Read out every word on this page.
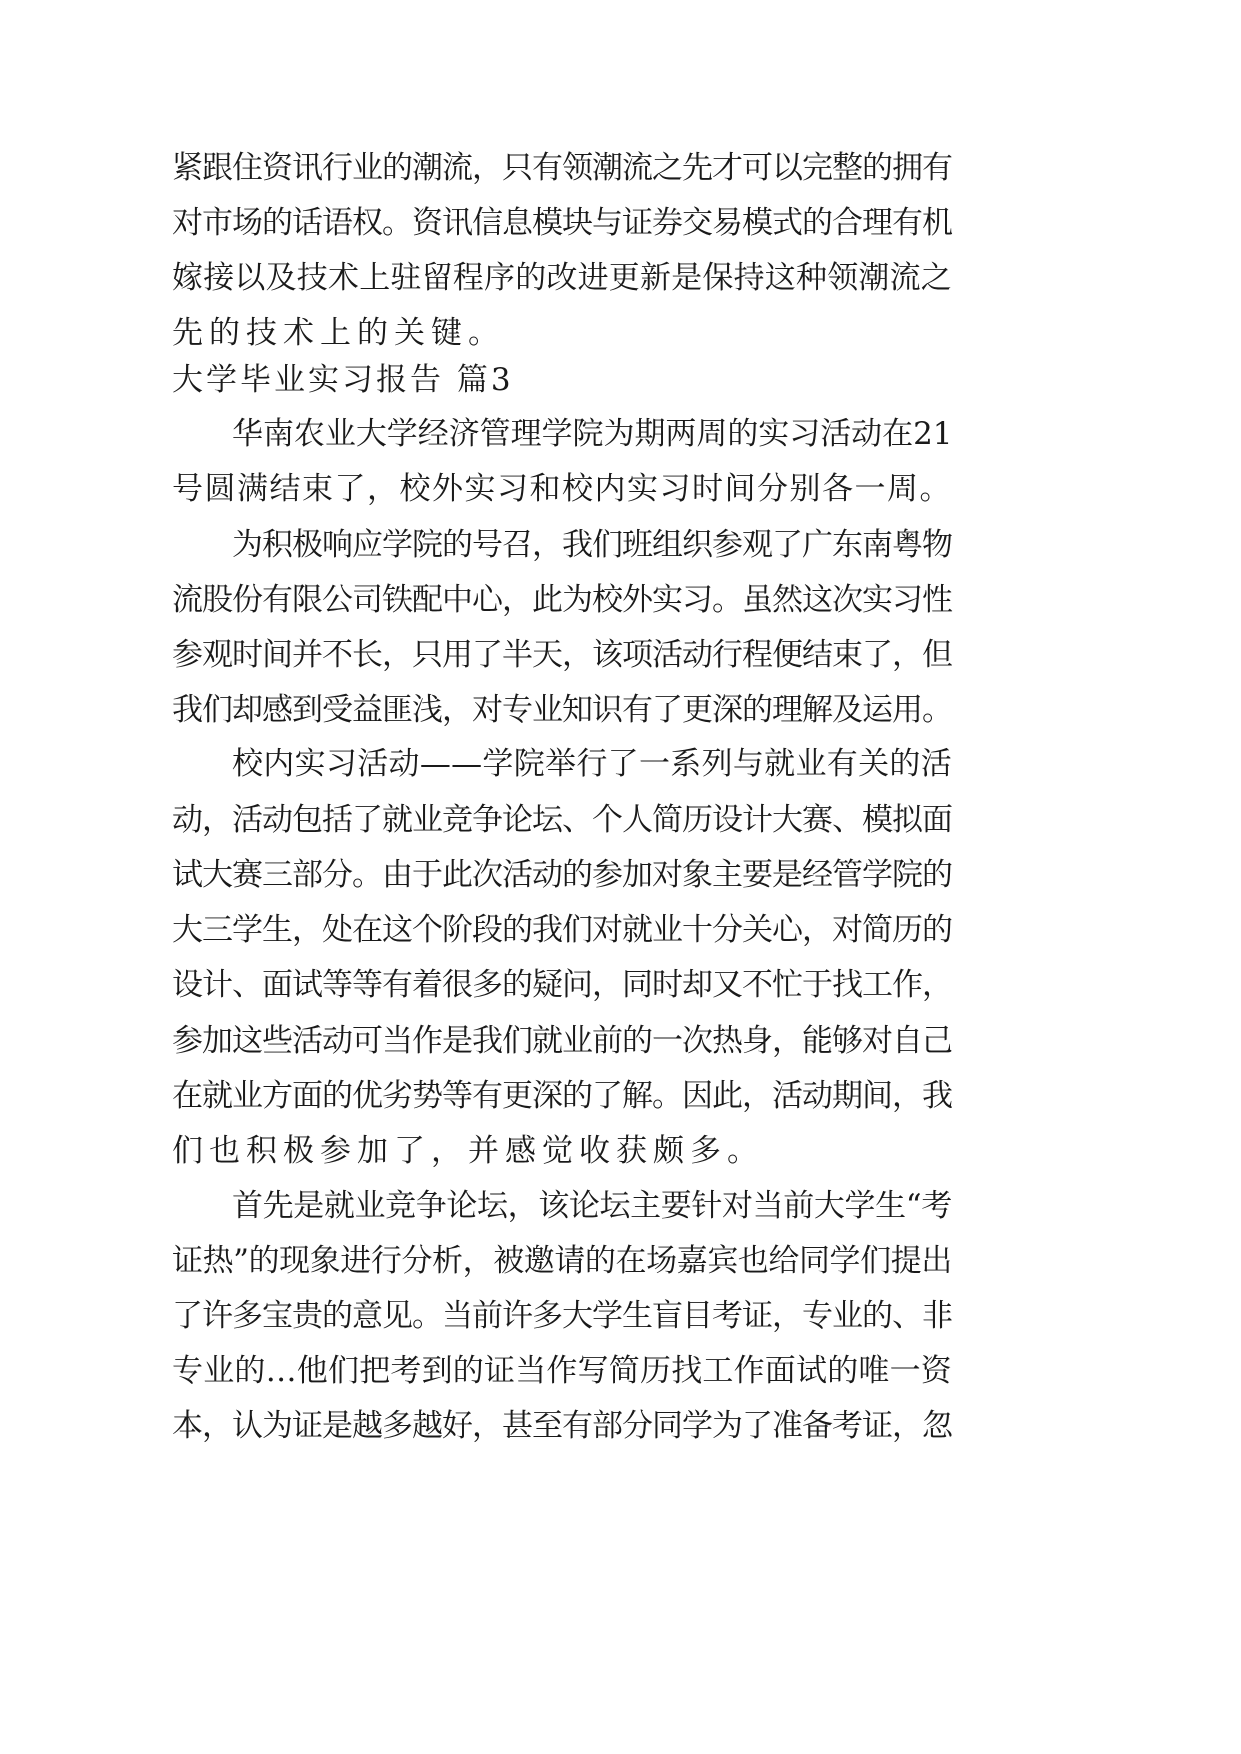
紧跟住资讯行业的潮流，只有领潮流之先才可以完整的拥有

对市场的话语权。资讯信息模块与证券交易模式的合理有机

嫁接以及技术上驻留程序的改进更新是保持这种领潮流之

先的技术上的关键。

大学毕业实习报告 篇3

华南农业大学经济管理学院为期两周的实习活动在21

号圆满结束了，校外实习和校内实习时间分别各一周。

为积极响应学院的号召，我们班组织参观了广东南粤物

流股份有限公司铁配中心，此为校外实习。虽然这次实习性

参观时间并不长，只用了半天，该项活动行程便结束了，但

我们却感到受益匪浅，对专业知识有了更深的理解及运用。

校内实习活动——学院举行了一系列与就业有关的活

动，活动包括了就业竞争论坛、个人简历设计大赛、模拟面

试大赛三部分。由于此次活动的参加对象主要是经管学院的

大三学生，处在这个阶段的我们对就业十分关心，对简历的

设计、面试等等有着很多的疑问，同时却又不忙于找工作，

参加这些活动可当作是我们就业前的一次热身，能够对自己

在就业方面的优劣势等有更深的了解。因此，活动期间，我

们也积极参加了，并感觉收获颇多。

首先是就业竞争论坛，该论坛主要针对当前大学生“考

证热”的现象进行分析，被邀请的在场嘉宾也给同学们提出

了许多宝贵的意见。当前许多大学生盲目考证，专业的、非

专业的…他们把考到的证当作写简历找工作面试的唯一资

本，认为证是越多越好，甚至有部分同学为了准备考证，忽
